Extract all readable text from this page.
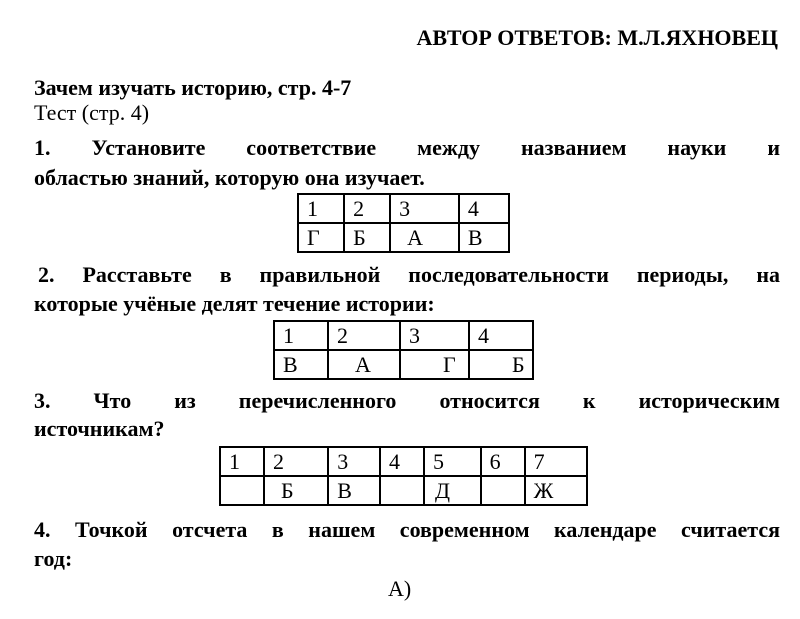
АВТОР ОТВЕТОВ: М.Л.ЯХНОВЕЦ
Зачем изучать историю, стр. 4-7
Тест (стр. 4)
1. Установите соответствие между названием науки и
областью знаний, которую она изучает.
1	2	3	4
Г	Б	А	В
2. Расставьте в правильной последовательности периоды, на
которые учёные делят течение истории:
1	2	3	4
В	А	Г	Б
3. Что из перечисленного относится к историческим
источникам?
1	2	3	4	5	6	7
	Б	В		Д		Ж
4. Точкой отсчета в нашем современном календаре считается
год:
А)
